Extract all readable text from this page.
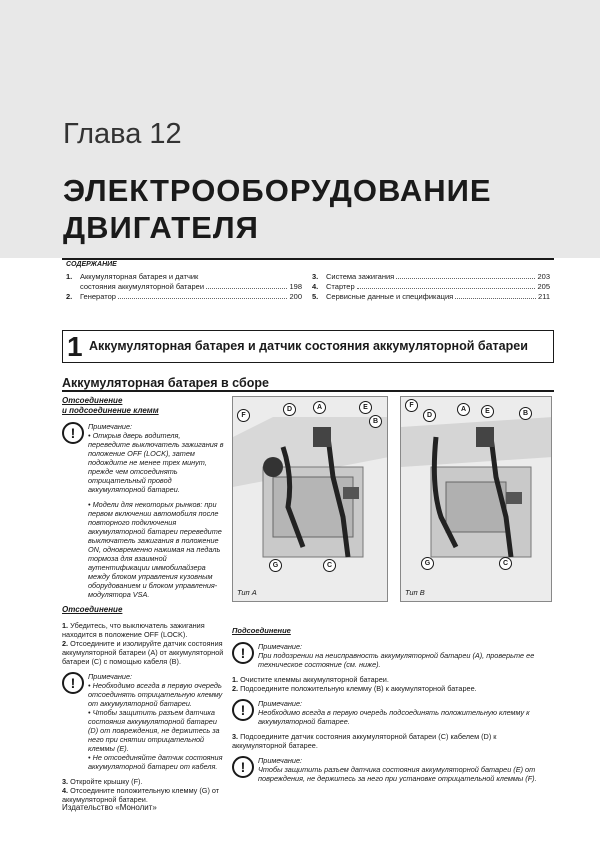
Глава 12
ЭЛЕКТРООБОРУДОВАНИЕ
ДВИГАТЕЛЯ
СОДЕРЖАНИЕ
1.	Аккумуляторная батарея и датчик
состояния аккумуляторной батареи	198
2.	Генератор	200
3.	Система зажигания	203
4.	Стартер	205
5.	Сервисные данные и спецификация	211
1 Аккумуляторная батарея и датчик состояния аккумуляторной батареи
Аккумуляторная батарея в сборе
Отсоединение
и подсоединение клемм
!	Примечание:
• Открыв дверь водителя, переведите выключатель зажигания в положение OFF (LOCK), затем подождите не менее трех минут, прежде чем отсоединять отрицательный провод аккумуляторной батареи.
• Модели для некоторых рынков: при первом включении автомобиля после повторного подключения аккумуляторной батареи переведите выключатель зажигания в положение ON, одновременно нажимая на педаль тормоза для взаимной аутентификации иммобилайзера между блоком управления кузовным оборудованием и блоком управления-модулятора VSA.
Отсоединение
1. Убедитесь, что выключатель зажигания находится в положение OFF (LOCK).
2. Отсоедините и изолируйте датчик состояния аккумуляторной батареи (А) от аккумуляторной батареи (С) с помощью кабеля (В).
!	Примечание:
• Необходимо всегда в первую очередь отсоединять отрицательную клемму от аккумуляторной батареи.
• Чтобы защитить разъем датчика состояния аккумуляторной батареи (D) от повреждения, не держитесь за него при снятии отрицательной клеммы (Е).
• Не отсоединяйте датчик состояния аккумуляторной батареи от кабеля.
3. Откройте крышку (F).
4. Отсоедините положительную клемму (G) от аккумуляторной батареи.
F
D	A	E
B
G	C
Тип А
F
D
A	E	B
G	C
Тип В
Подсоединение
!	Примечание:
При подозрении на неисправность аккумуляторной батареи (А), проверьте ее техническое состояние (см. ниже).
1. Очистите клеммы аккумуляторной батареи.
2. Подсоедините положительную клемму (В) к аккумуляторной батарее.
!	Примечание:
Необходимо всегда в первую очередь подсоединять положительную клемму к аккумуляторной батарее.
3. Подсоедините датчик состояния аккумуляторной батареи (С) кабелем (D) к аккумуляторной батарее.
!	Примечание:
Чтобы защитить разъем датчика состояния аккумуляторной батареи (Е) от повреждения, не держитесь за него при установке отрицательной клеммы (F).
Издательство «Монолит»
